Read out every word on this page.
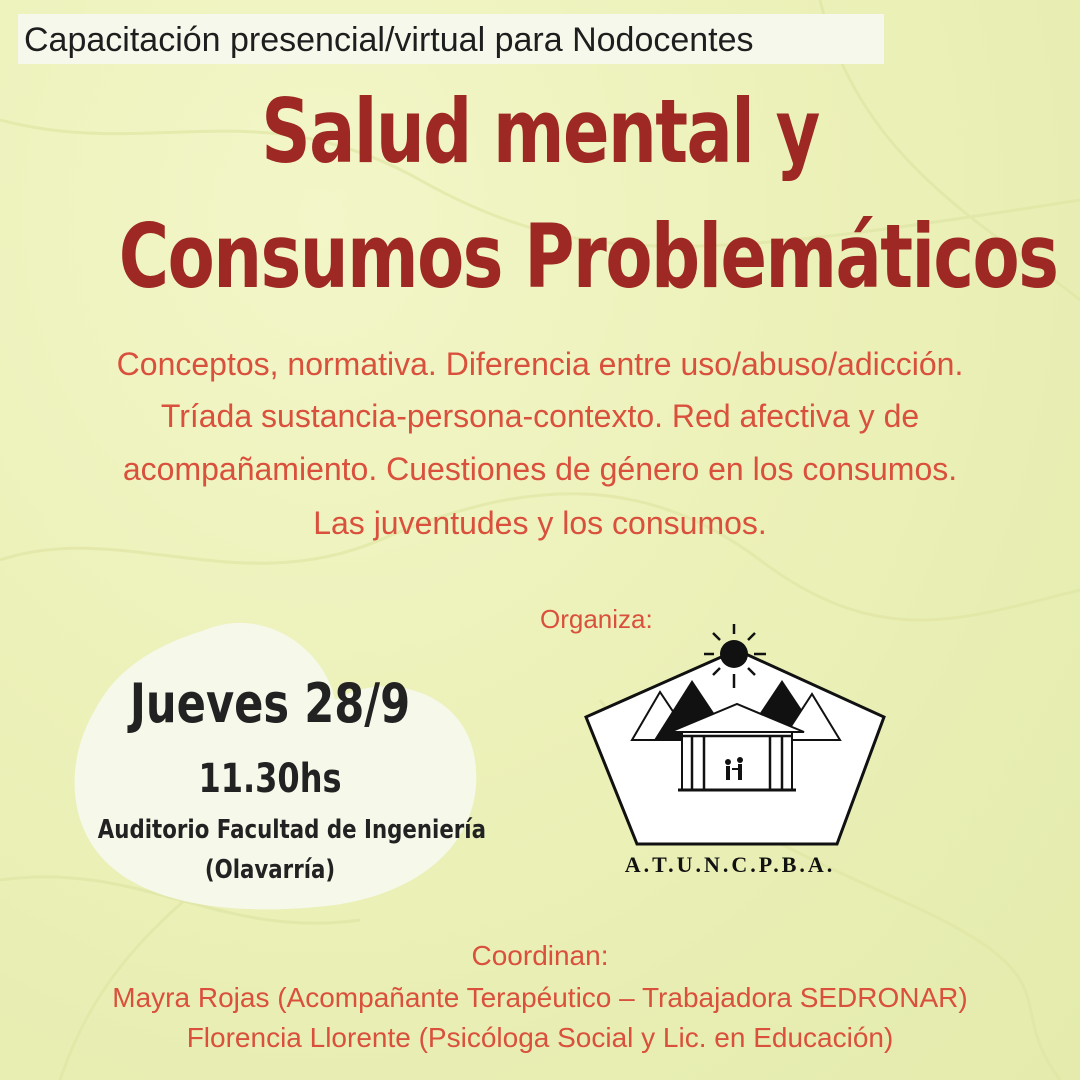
Capacitación presencial/virtual para Nodocentes
Salud mental y
Consumos Problemáticos
Conceptos, normativa. Diferencia entre uso/abuso/adicción.
Tríada sustancia-persona-contexto. Red afectiva y de
acompañamiento. Cuestiones de género en los consumos.
Las juventudes y los consumos.
Jueves 28/9
11.30hs
Auditorio Facultad de Ingeniería
(Olavarría)
Organiza:
A.T.U.N.C.P.B.A.
Coordinan:
Mayra Rojas (Acompañante Terapéutico – Trabajadora SEDRONAR)
Florencia Llorente (Psicóloga Social y Lic. en Educación)
